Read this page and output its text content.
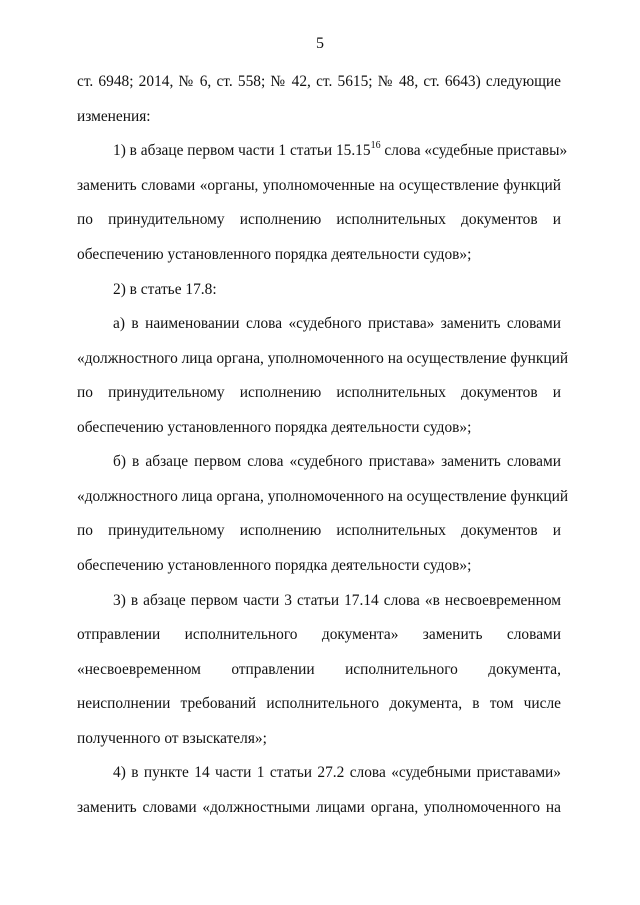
5
ст. 6948; 2014, № 6, ст. 558; № 42, ст. 5615; № 48, ст. 6643) следующие
изменения:
1) в абзаце первом части 1 статьи 15.15$^{16}$ слова «судебные приставы»
заменить словами «органы, уполномоченные на осуществление функций
по принудительному исполнению исполнительных документов и
обеспечению установленного порядка деятельности судов»;
2) в статье 17.8:
а) в наименовании слова «судебного пристава» заменить словами
«должностного лица органа, уполномоченного на осуществление функций
по принудительному исполнению исполнительных документов и
обеспечению установленного порядка деятельности судов»;
б) в абзаце первом слова «судебного пристава» заменить словами
«должностного лица органа, уполномоченного на осуществление функций
по принудительному исполнению исполнительных документов и
обеспечению установленного порядка деятельности судов»;
3) в абзаце первом части 3 статьи 17.14 слова «в несвоевременном
отправлении исполнительного документа» заменить словами
«несвоевременном отправлении исполнительного документа,
неисполнении требований исполнительного документа, в том числе
полученного от взыскателя»;
4) в пункте 14 части 1 статьи 27.2 слова «судебными приставами»
заменить словами «должностными лицами органа, уполномоченного на
